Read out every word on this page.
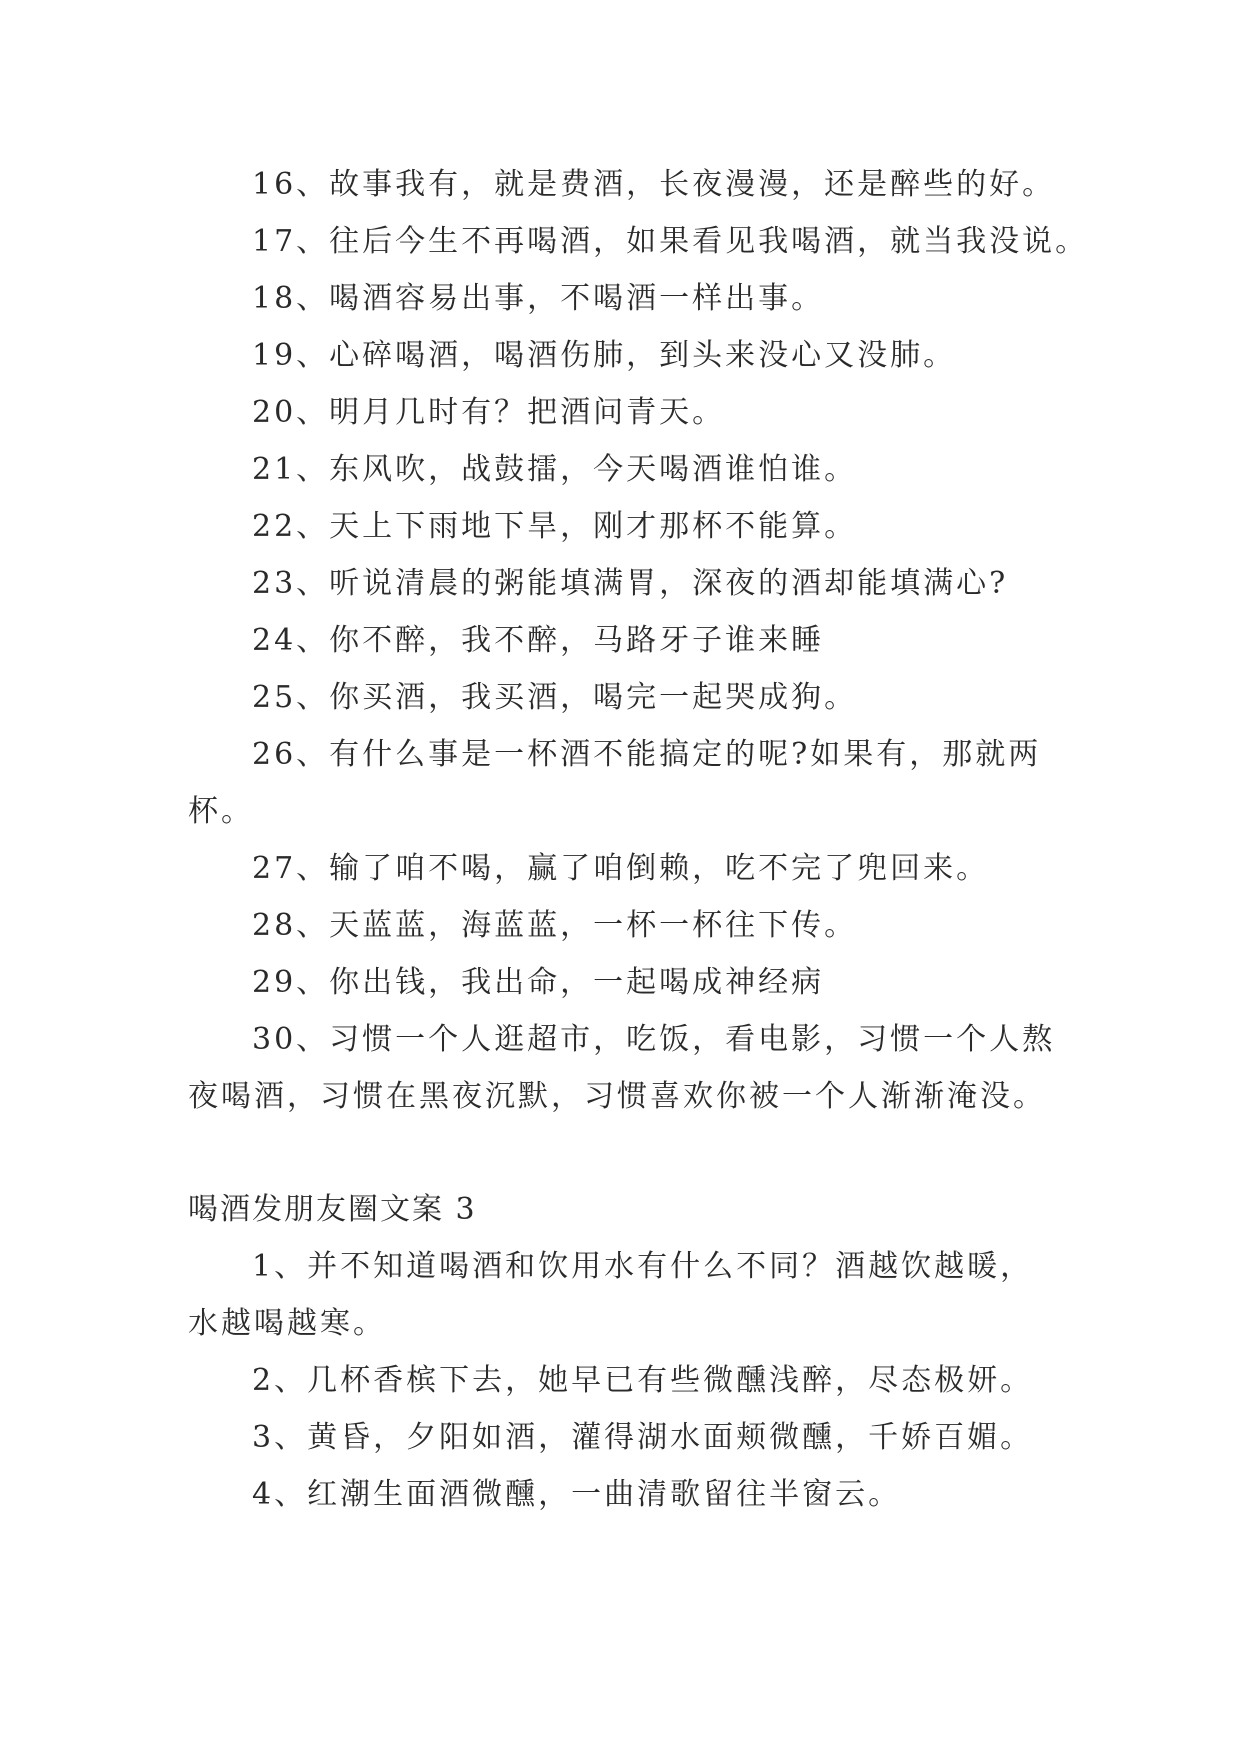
16、故事我有，就是费酒，长夜漫漫，还是醉些的好。
17、往后今生不再喝酒，如果看见我喝酒，就当我没说。
18、喝酒容易出事，不喝酒一样出事。
19、心碎喝酒，喝酒伤肺，到头来没心又没肺。
20、明月几时有？把酒问青天。
21、东风吹，战鼓擂，今天喝酒谁怕谁。
22、天上下雨地下旱，刚才那杯不能算。
23、听说清晨的粥能填满胃，深夜的酒却能填满心?
24、你不醉，我不醉，马路牙子谁来睡
25、你买酒，我买酒，喝完一起哭成狗。
26、有什么事是一杯酒不能搞定的呢?如果有，那就两
杯。
27、输了咱不喝，赢了咱倒赖，吃不完了兜回来。
28、天蓝蓝，海蓝蓝，一杯一杯往下传。
29、你出钱，我出命，一起喝成神经病
30、习惯一个人逛超市，吃饭，看电影，习惯一个人熬
夜喝酒，习惯在黑夜沉默，习惯喜欢你被一个人渐渐淹没。
喝酒发朋友圈文案 3
1、并不知道喝酒和饮用水有什么不同？酒越饮越暖，
水越喝越寒。
2、几杯香槟下去，她早已有些微醺浅醉，尽态极妍。
3、黄昏，夕阳如酒，灌得湖水面颊微醺，千娇百媚。
4、红潮生面酒微醺，一曲清歌留往半窗云。
